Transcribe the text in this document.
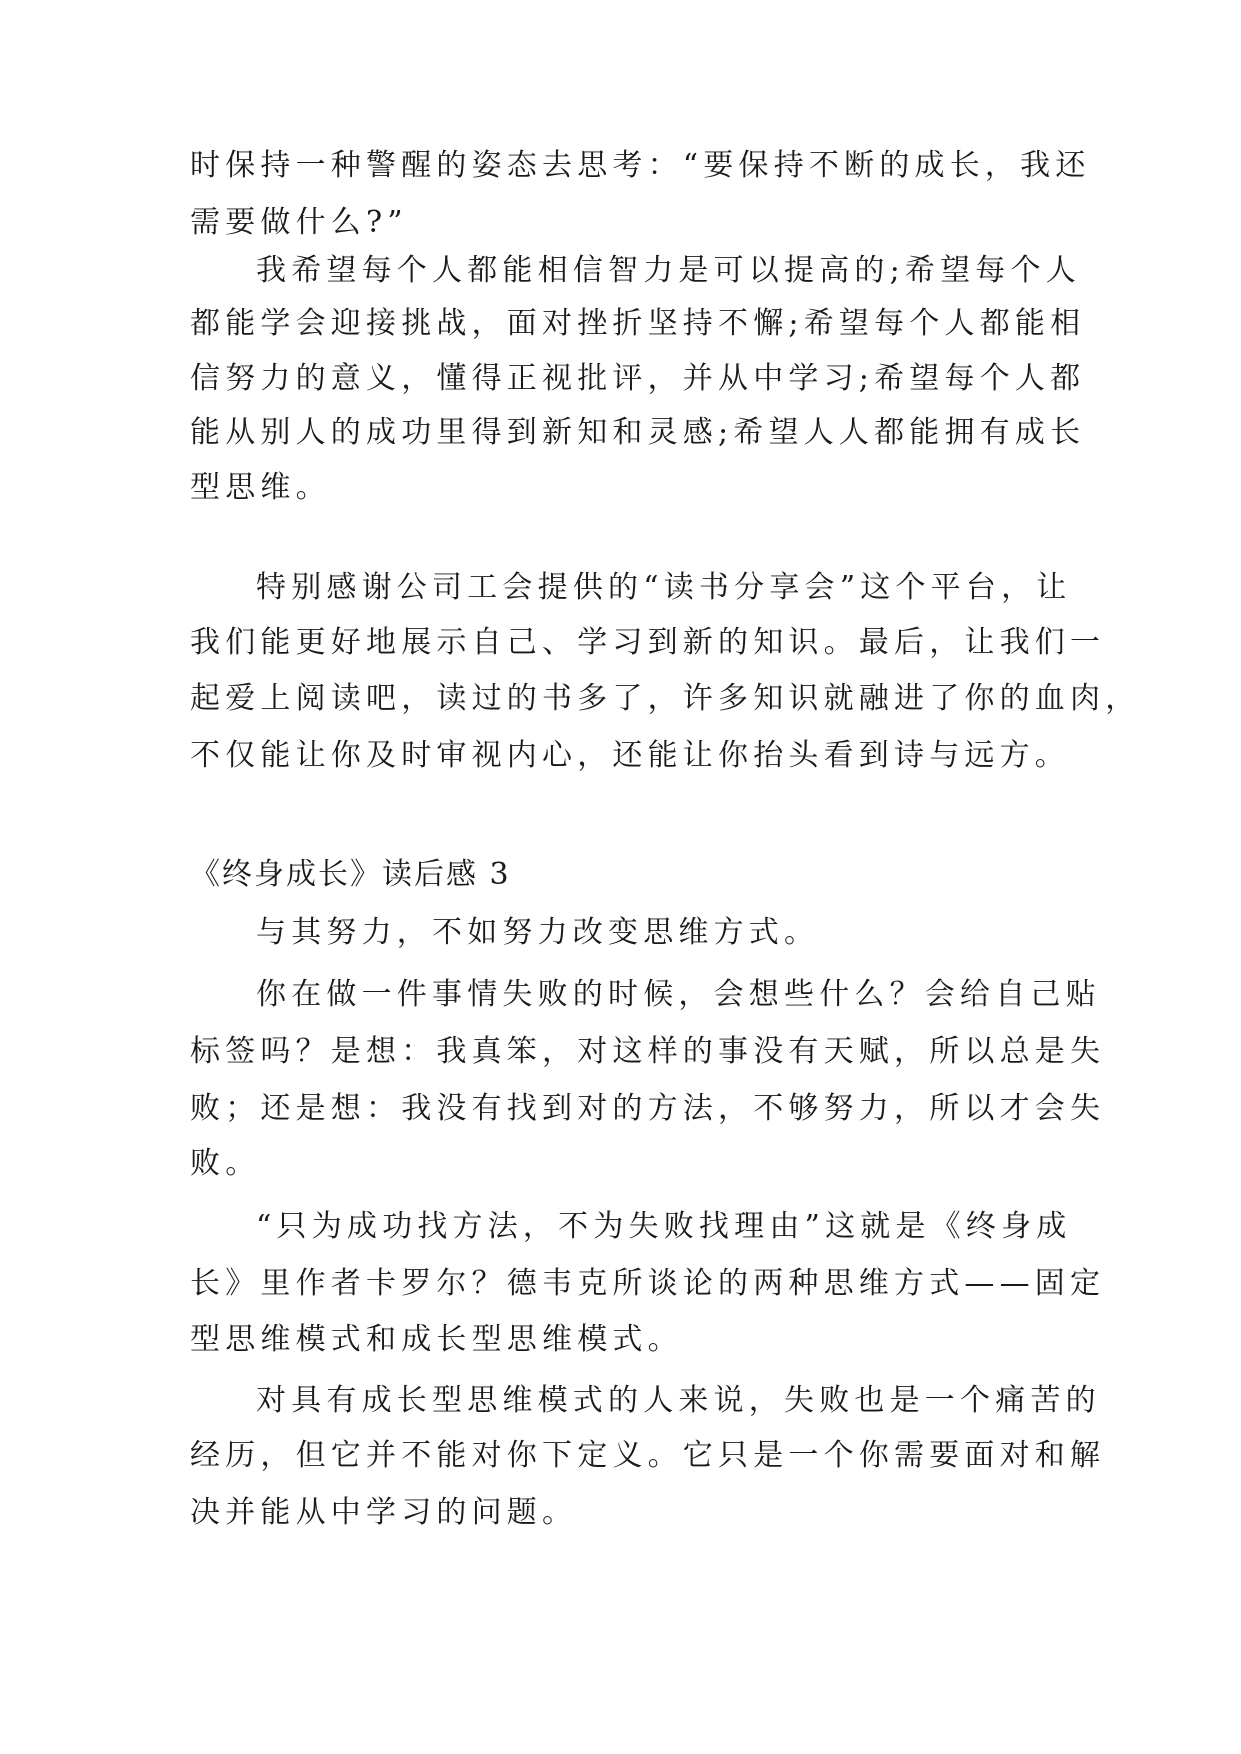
时保持一种警醒的姿态去思考：“要保持不断的成长，我还
需要做什么?”
我希望每个人都能相信智力是可以提高的;希望每个人
都能学会迎接挑战，面对挫折坚持不懈;希望每个人都能相
信努力的意义，懂得正视批评，并从中学习;希望每个人都
能从别人的成功里得到新知和灵感;希望人人都能拥有成长
型思维。
特别感谢公司工会提供的“读书分享会”这个平台，让
我们能更好地展示自己、学习到新的知识。最后，让我们一
起爱上阅读吧，读过的书多了，许多知识就融进了你的血肉，
不仅能让你及时审视内心，还能让你抬头看到诗与远方。
《终身成长》读后感 3
与其努力，不如努力改变思维方式。
你在做一件事情失败的时候，会想些什么？会给自己贴
标签吗？是想：我真笨，对这样的事没有天赋，所以总是失
败；还是想：我没有找到对的方法，不够努力，所以才会失
败。
“只为成功找方法，不为失败找理由”这就是《终身成
长》里作者卡罗尔？德韦克所谈论的两种思维方式——固定
型思维模式和成长型思维模式。
对具有成长型思维模式的人来说，失败也是一个痛苦的
经历，但它并不能对你下定义。它只是一个你需要面对和解
决并能从中学习的问题。
